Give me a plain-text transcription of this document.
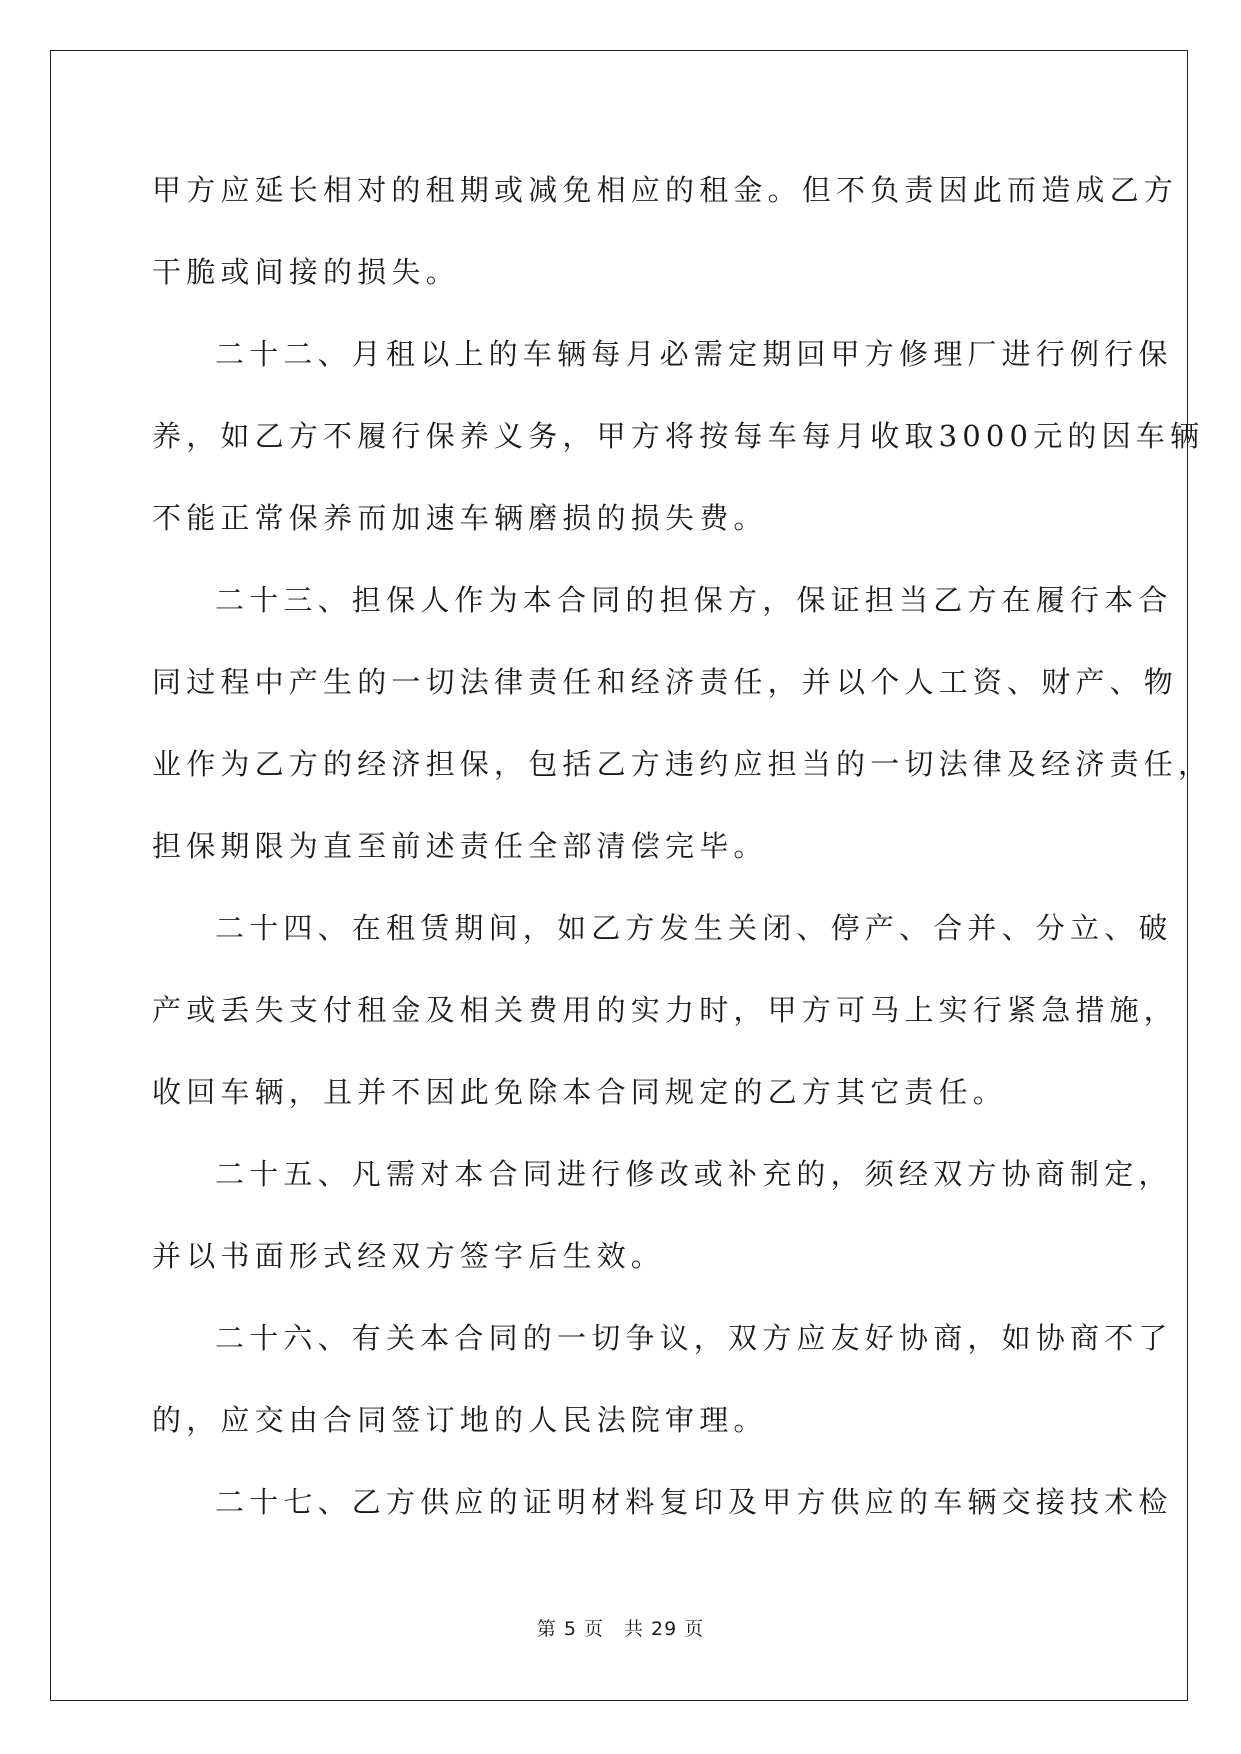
甲方应延长相对的租期或减免相应的租金。但不负责因此而造成乙方
干脆或间接的损失。
二十二、月租以上的车辆每月必需定期回甲方修理厂进行例行保
养，如乙方不履行保养义务，甲方将按每车每月收取3000元的因车辆
不能正常保养而加速车辆磨损的损失费。
二十三、担保人作为本合同的担保方，保证担当乙方在履行本合
同过程中产生的一切法律责任和经济责任，并以个人工资、财产、物
业作为乙方的经济担保，包括乙方违约应担当的一切法律及经济责任，
担保期限为直至前述责任全部清偿完毕。
二十四、在租赁期间，如乙方发生关闭、停产、合并、分立、破
产或丢失支付租金及相关费用的实力时，甲方可马上实行紧急措施，
收回车辆，且并不因此免除本合同规定的乙方其它责任。
二十五、凡需对本合同进行修改或补充的，须经双方协商制定，
并以书面形式经双方签字后生效。
二十六、有关本合同的一切争议，双方应友好协商，如协商不了
的，应交由合同签订地的人民法院审理。
二十七、乙方供应的证明材料复印及甲方供应的车辆交接技术检
第 5 页　共 29 页
